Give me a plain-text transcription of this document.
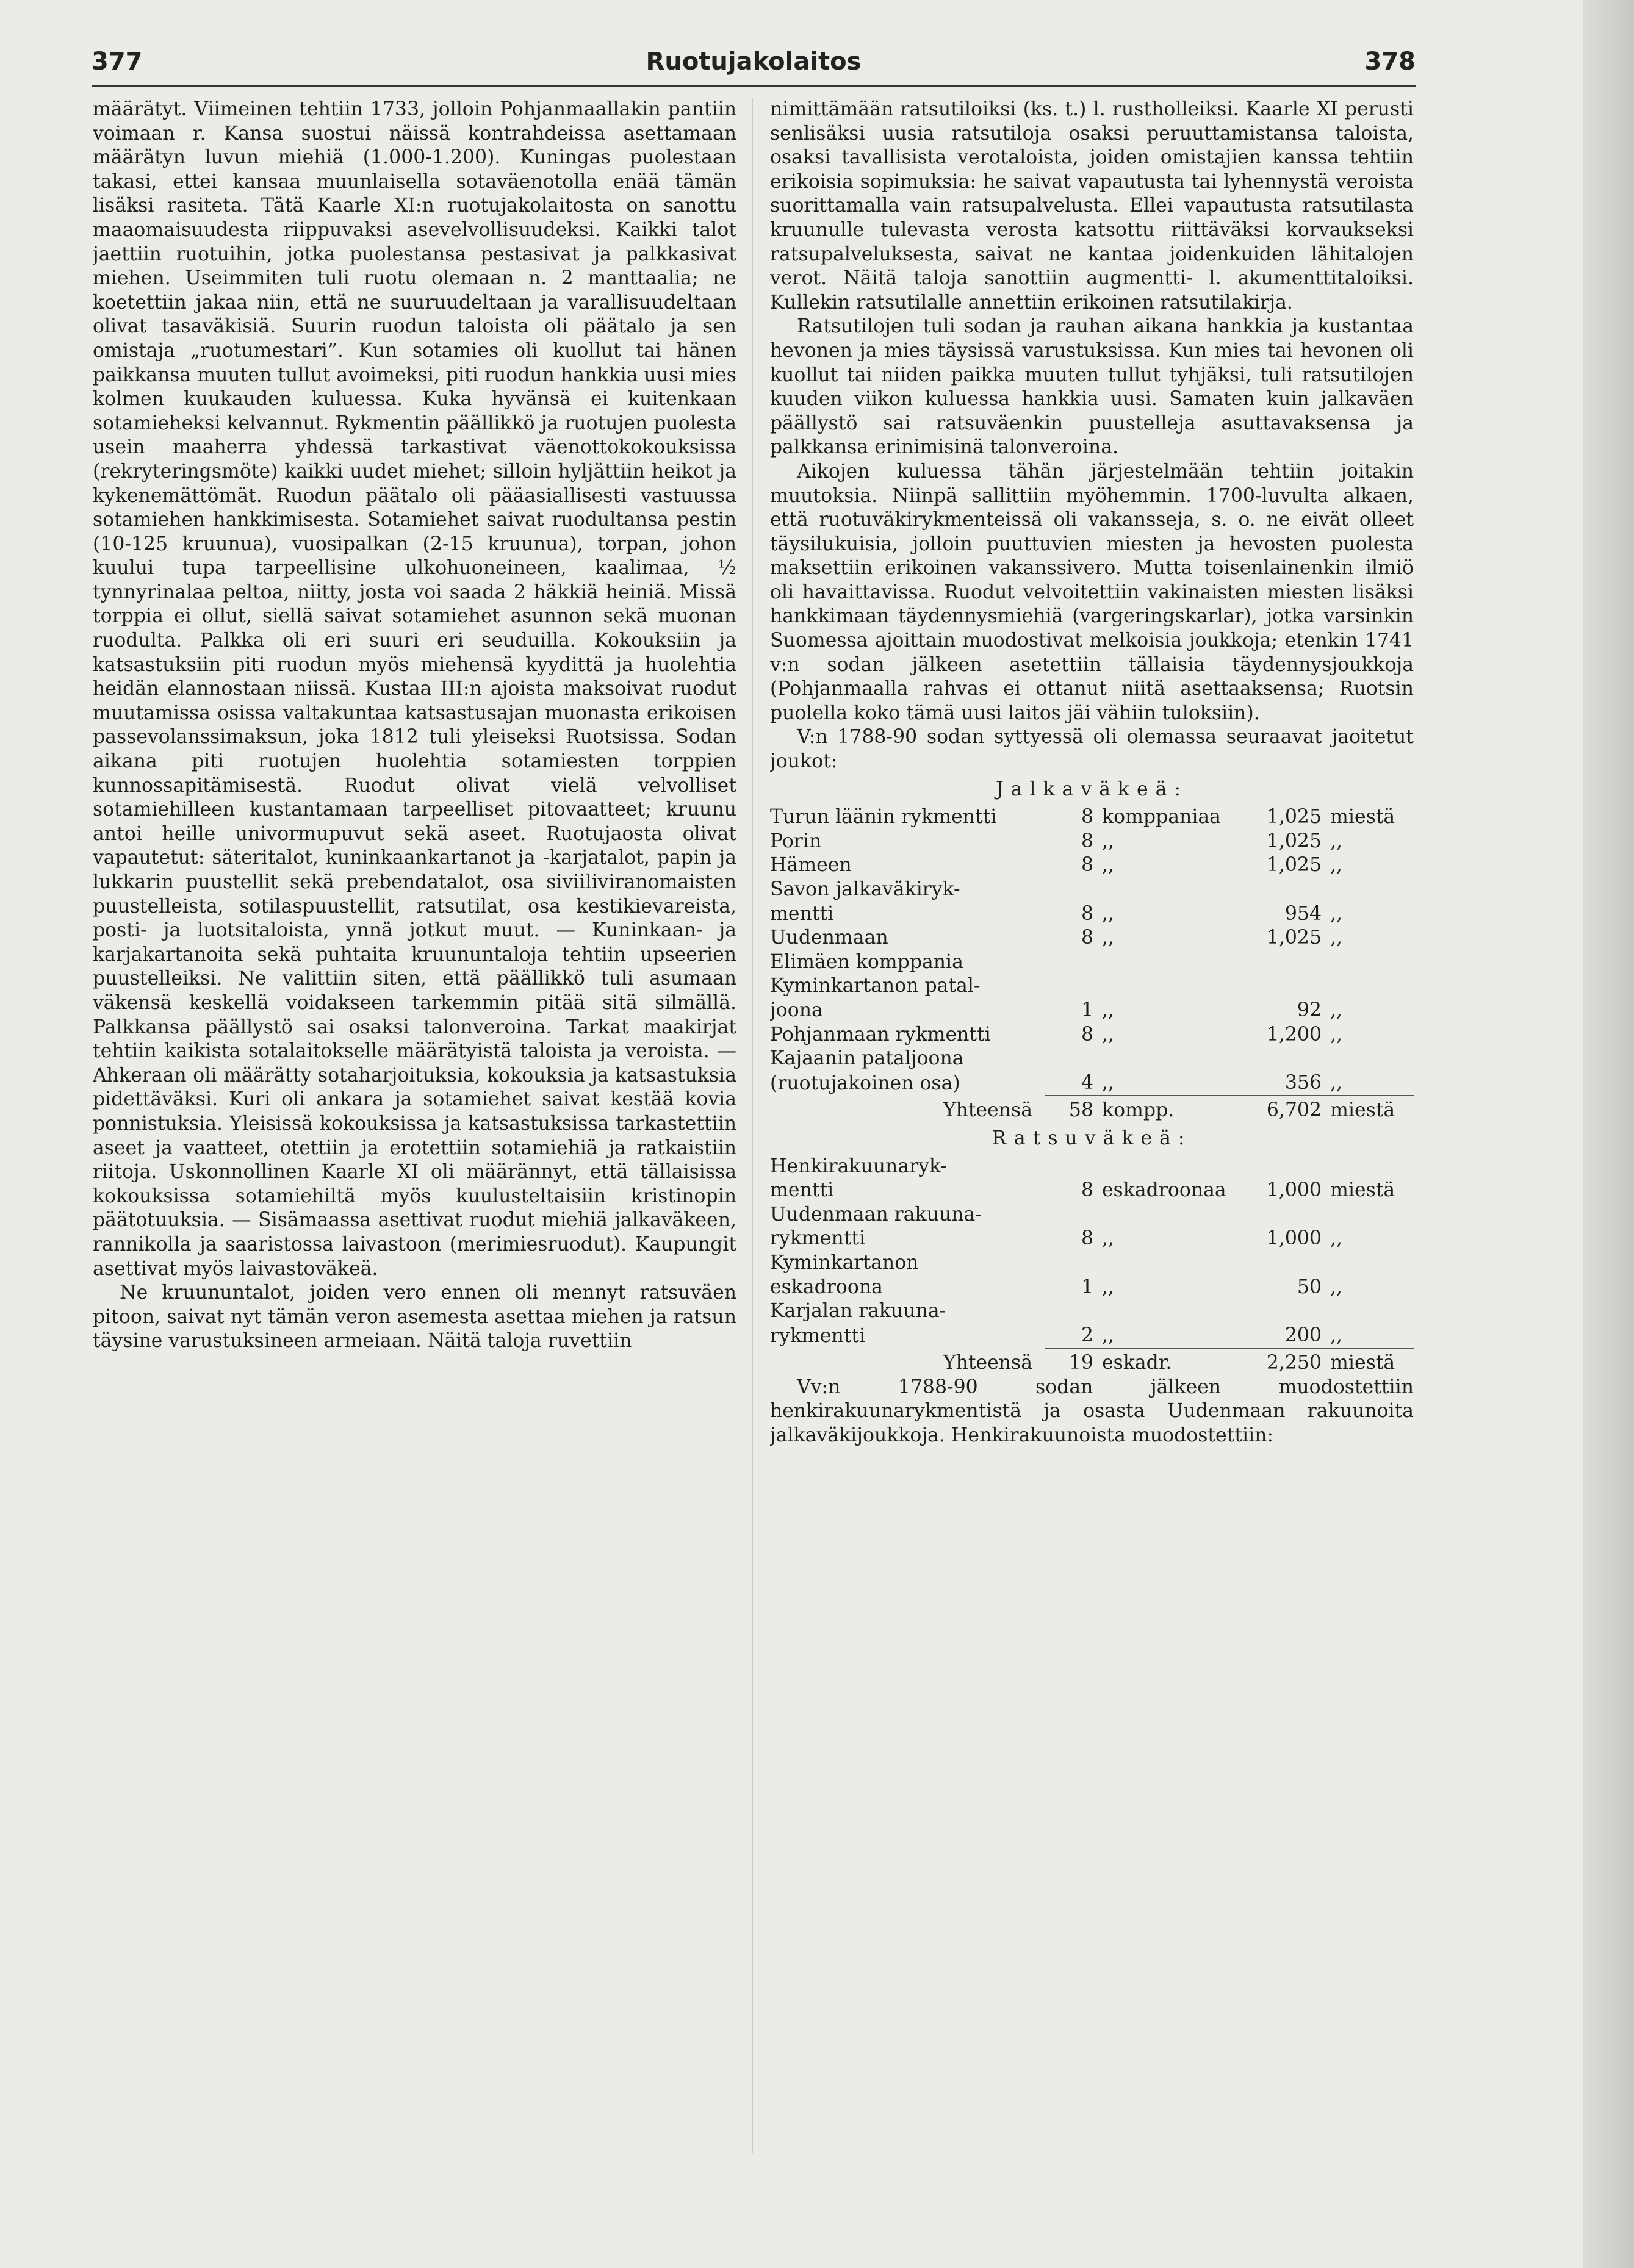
377	Ruotujakolaitos	378

määrätyt. Viimeinen tehtiin 1733, jolloin Pohjanmaallakin pantiin voimaan r. Kansa suostui näissä kontrahdeissa asettamaan määrätyn luvun miehiä (1.000-1.200). Kuningas puolestaan takasi, ettei kansaa muunlaisella sotaväenotolla enää tämän lisäksi rasiteta. Tätä Kaarle XI:n ruotujakolaitosta on sanottu maaomaisuudesta riippuvaksi asevelvollisuudeksi. Kaikki talot jaettiin ruotuihin, jotka puolestansa pestasivat ja palkkasivat miehen. Useimmiten tuli ruotu olemaan n. 2 manttaalia; ne koetettiin jakaa niin, että ne suuruudeltaan ja varallisuudeltaan olivat tasaväkisiä. Suurin ruodun taloista oli päätalo ja sen omistaja „ruotumestari”. Kun sotamies oli kuollut tai hänen paikkansa muuten tullut avoimeksi, piti ruodun hankkia uusi mies kolmen kuukauden kuluessa. Kuka hyvänsä ei kuitenkaan sotamieheksi kelvannut. Rykmentin päällikkö ja ruotujen puolesta usein maaherra yhdessä tarkastivat väenottokokouksissa (rekryteringsmöte) kaikki uudet miehet; silloin hyljättiin heikot ja kykenemättömät. Ruodun päätalo oli pääasiallisesti vastuussa sotamiehen hankkimisesta. Sotamiehet saivat ruodultansa pestin (10-125 kruunua), vuosipalkan (2-15 kruunua), torpan, johon kuului tupa tarpeellisine ulkohuoneineen, kaalimaa, ½ tynnyrinalaa peltoa, niitty, josta voi saada 2 häkkiä heiniä. Missä torppia ei ollut, siellä saivat sotamiehet asunnon sekä muonan ruodulta. Palkka oli eri suuri eri seuduilla. Kokouksiin ja katsastuksiin piti ruodun myös miehensä kyydittä ja huolehtia heidän elannostaan niissä. Kustaa III:n ajoista maksoivat ruodut muutamissa osissa valtakuntaa katsastusajan muonasta erikoisen passevolanssimaksun, joka 1812 tuli yleiseksi Ruotsissa. Sodan aikana piti ruotujen huolehtia sotamiesten torppien kunnossapitämisestä. Ruodut olivat vielä velvolliset sotamiehilleen kustantamaan tarpeelliset pitovaatteet; kruunu antoi heille univormupuvut sekä aseet. Ruotujaosta olivat vapautetut: säteritalot, kuninkaankartanot ja -karjatalot, papin ja lukkarin puustellit sekä prebendatalot, osa siviiliviranomaisten puustelleista, sotilaspuustellit, ratsutilat, osa kestikievareista, posti- ja luotsitaloista, ynnä jotkut muut. — Kuninkaan- ja karjakartanoita sekä puhtaita kruununtaloja tehtiin upseerien puustelleiksi. Ne valittiin siten, että päällikkö tuli asumaan väkensä keskellä voidakseen tarkemmin pitää sitä silmällä. Palkkansa päällystö sai osaksi talonveroina. Tarkat maakirjat tehtiin kaikista sotalaitokselle määrätyistä taloista ja veroista. — Ahkeraan oli määrätty sotaharjoituksia, kokouksia ja katsastuksia pidettäväksi. Kuri oli ankara ja sotamiehet saivat kestää kovia ponnistuksia. Yleisissä kokouksissa ja katsastuksissa tarkastettiin aseet ja vaatteet, otettiin ja erotettiin sotamiehiä ja ratkaistiin riitoja. Uskonnollinen Kaarle XI oli määrännyt, että tällaisissa kokouksissa sotamiehiltä myös kuulusteltaisiin kristinopin päätotuuksia. — Sisämaassa asettivat ruodut miehiä jalkaväkeen, rannikolla ja saaristossa laivastoon (merimiesruodut). Kaupungit asettivat myös laivastoväkeä.

Ne kruununtalot, joiden vero ennen oli mennyt ratsuväen pitoon, saivat nyt tämän veron asemesta asettaa miehen ja ratsun täysine varustuksineen armeiaan. Näitä taloja ruvettiin

nimittämään ratsutiloiksi (ks. t.) l. rustholleiksi. Kaarle XI perusti senlisäksi uusia ratsutiloja osaksi peruuttamistansa taloista, osaksi tavallisista verotaloista, joiden omistajien kanssa tehtiin erikoisia sopimuksia: he saivat vapautusta tai lyhennystä veroista suorittamalla vain ratsupalvelusta. Ellei vapautusta ratsutilasta kruunulle tulevasta verosta katsottu riittäväksi korvaukseksi ratsupalveluksesta, saivat ne kantaa joidenkuiden lähitalojen verot. Näitä taloja sanottiin augmentti- l. akumenttitaloiksi. Kullekin ratsutilalle annettiin erikoinen ratsutilakirja.

Ratsutilojen tuli sodan ja rauhan aikana hankkia ja kustantaa hevonen ja mies täysissä varustuksissa. Kun mies tai hevonen oli kuollut tai niiden paikka muuten tullut tyhjäksi, tuli ratsutilojen kuuden viikon kuluessa hankkia uusi. Samaten kuin jalkaväen päällystö sai ratsuväenkin puustelleja asuttavaksensa ja palkkansa erinimisinä talonveroina.

Aikojen kuluessa tähän järjestelmään tehtiin joitakin muutoksia. Niinpä sallittiin myöhemmin. 1700-luvulta alkaen, että ruotuväkirykmenteissä oli vakansseja, s. o. ne eivät olleet täysilukuisia, jolloin puuttuvien miesten ja hevosten puolesta maksettiin erikoinen vakanssivero. Mutta toisenlainenkin ilmiö oli havaittavissa. Ruodut velvoitettiin vakinaisten miesten lisäksi hankkimaan täydennysmiehiä (vargeringskarlar), jotka varsinkin Suomessa ajoittain muodostivat melkoisia joukkoja; etenkin 1741 v:n sodan jälkeen asetettiin tällaisia täydennysjoukkoja (Pohjanmaalla rahvas ei ottanut niitä asettaaksensa; Ruotsin puolella koko tämä uusi laitos jäi vähiin tuloksiin).

V:n 1788-90 sodan syttyessä oli olemassa seuraavat jaoitetut joukot:

Jalkaväkeä:
Turun läänin rykmentti	8	komppaniaa	1,025	miestä
Porin	8	,,	1,025	,,
Hämeen	8	,,	1,025	,,
Savon jalkaväkiryk-				
mentti	8	,,	954	,,
Uudenmaan	8	,,	1,025	,,
Elimäen komppania				
Kyminkartanon patal-				
joona	1	,,	92	,,
Pohjanmaan rykmentti	8	,,	1,200	,,
Kajaanin pataljoona				
(ruotujakoinen osa)	4	,,	356	,,
Yhteensä	58	kompp.	6,702	miestä
Ratsuväkeä:
Henkirakuunaryk-				
mentti	8	eskadroonaa	1,000	miestä
Uudenmaan rakuuna-				
rykmentti	8	,,	1,000	,,
Kyminkartanon				
eskadroona	1	,,	50	,,
Karjalan rakuuna-				
rykmentti	2	,,	200	,,
Yhteensä	19	eskadr.	2,250	miestä

Vv:n 1788-90 sodan jälkeen muodostettiin henkirakuunarykmentistä ja osasta Uudenmaan rakuunoita jalkaväkijoukkoja. Henkirakuunoista muodostettiin:
